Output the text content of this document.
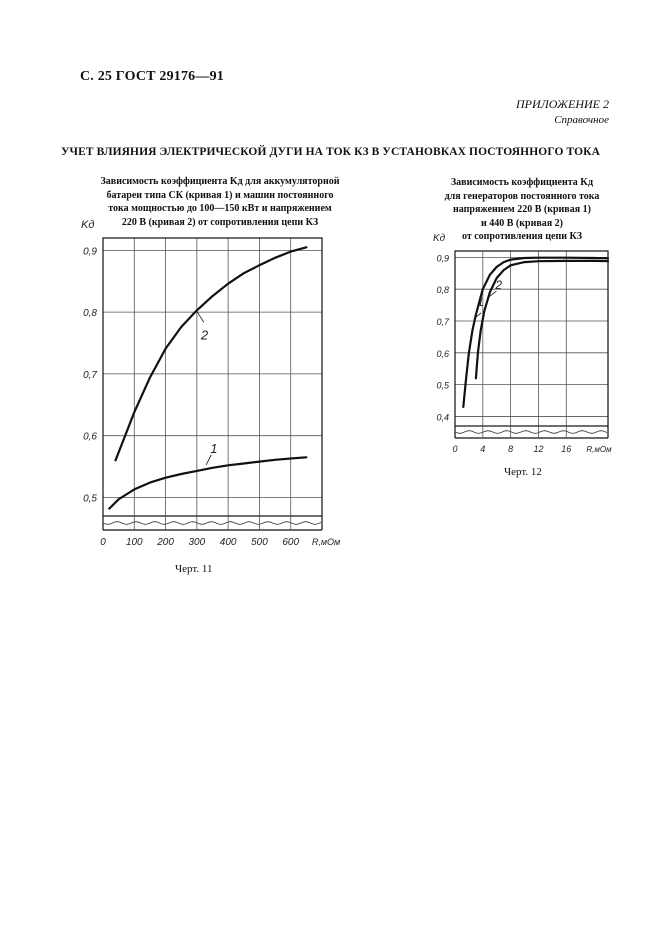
С. 25 ГОСТ 29176—91
ПРИЛОЖЕНИЕ 2
Справочное
УЧЕТ ВЛИЯНИЯ ЭЛЕКТРИЧЕСКОЙ ДУГИ НА ТОК КЗ В УСТАНОВКАХ ПОСТОЯННОГО ТОКА
Зависимость коэффициента Kд для аккумуляторной
батареи типа СК (кривая 1) и машин постоянного
тока мощностью до 100—150 кВт и напряжением
220 В (кривая 2) от сопротивления цепи КЗ
Зависимость коэффициента Kд
для генераторов постоянного тока
напряжением 220 В (кривая 1)
и 440 В (кривая 2)
от сопротивления цепи КЗ
0,5
0,6
0,7
0,8
0,9
Kд
0 100 200 300 400 500 600 R,мОм
1
2
0,4
0,5
0,6
0,7
0,8
0,9
Kд
0	4	8 12 16 R,мОм
1
2
Черт. 11
Черт. 12
